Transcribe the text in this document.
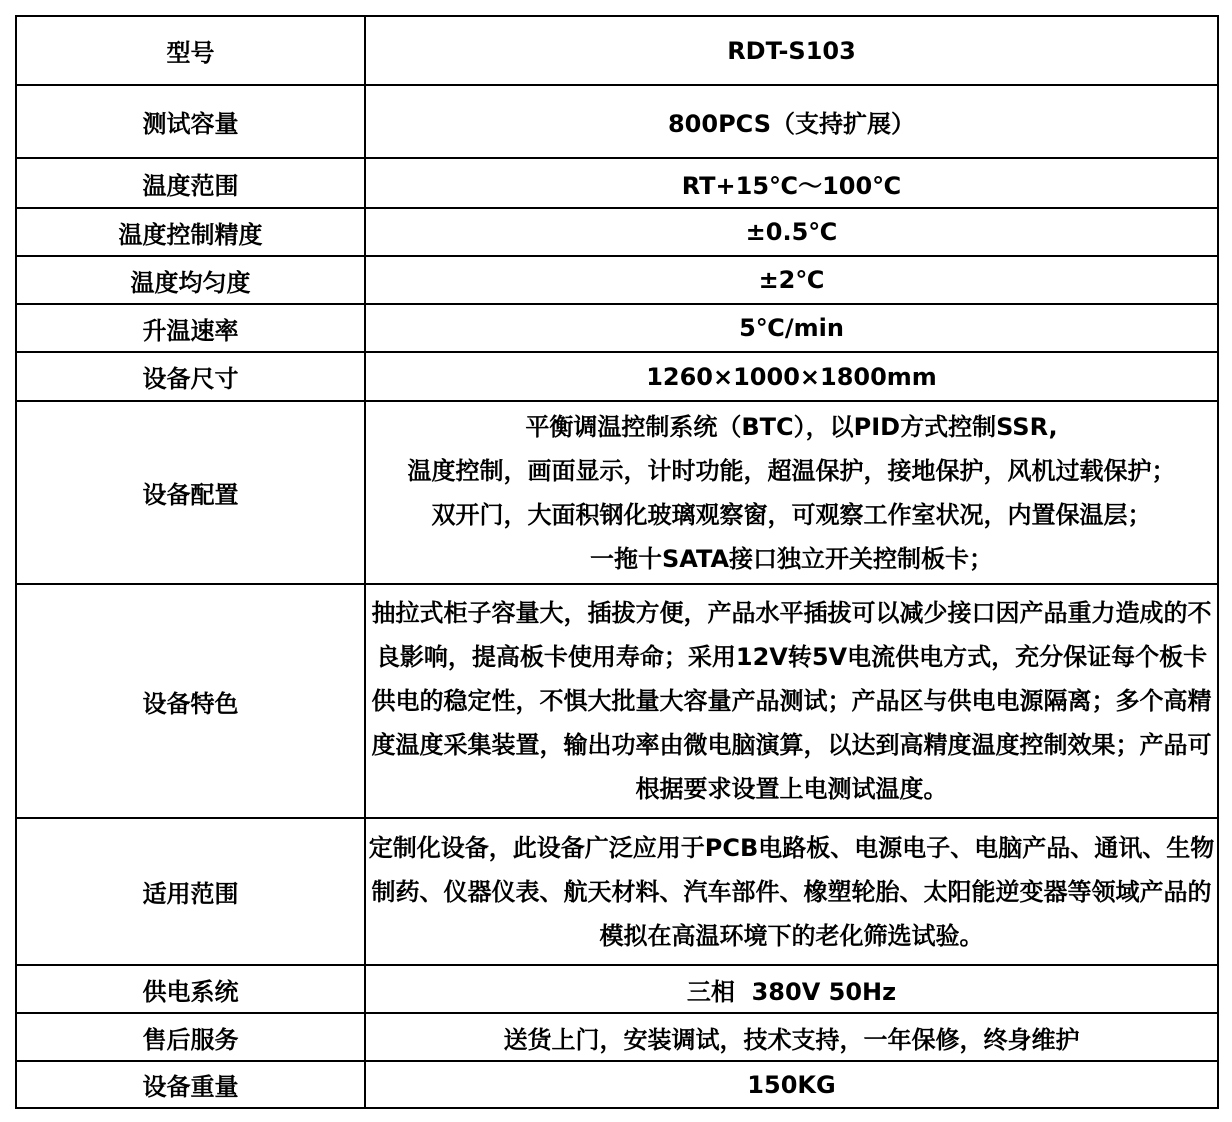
型号	RDT-S103
测试容量	800PCS（支持扩展）
温度范围	RT+15℃～100℃
温度控制精度	±0.5℃
温度均匀度	±2℃
升温速率	5℃/min
设备尺寸	1260×1000×1800mm
设备配置	平衡调温控制系统（BTC），以PID方式控制SSR,
温度控制，画面显示，计时功能，超温保护，接地保护，风机过载保护；
双开门，大面积钢化玻璃观察窗，可观察工作室状况，内置保温层；
一拖十SATA接口独立开关控制板卡；

设备特色	抽拉式柜子容量大，插拔方便，产品水平插拔可以减少接口因产品重力造成的不良影响，提高板卡使用寿命；采用12V转5V电流供电方式，充分保证每个板卡供电的稳定性，不惧大批量大容量产品测试；产品区与供电电源隔离；多个高精度温度采集装置，输出功率由微电脑演算，以达到高精度温度控制效果；产品可根据要求设置上电测试温度。
适用范围	定制化设备，此设备广泛应用于PCB电路板、电源电子、电脑产品、通讯、生物制药、仪器仪表、航天材料、汽车部件、橡塑轮胎、太阳能逆变器等领域产品的模拟在高温环境下的老化筛选试验。
供电系统	三相  380V 50Hz
售后服务	送货上门，安装调试，技术支持，一年保修，终身维护
设备重量	150KG
